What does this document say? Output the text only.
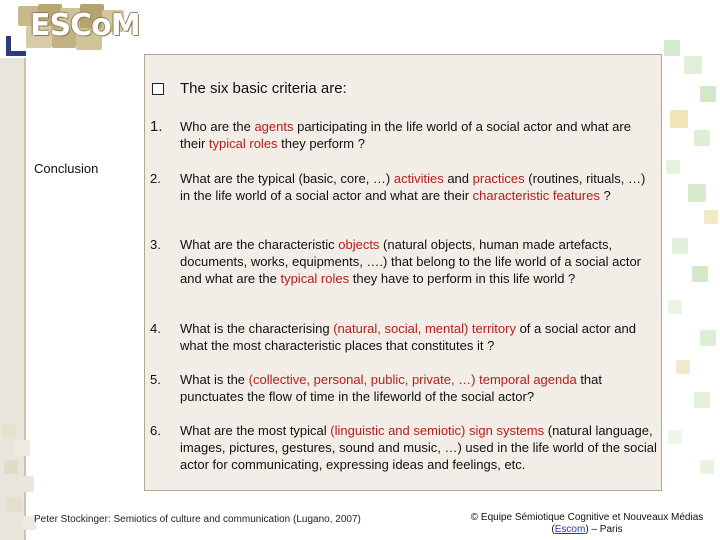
ESCoM
Conclusion
The six basic criteria are:
1. Who are the agents participating in the life world of a social actor and what are their typical roles they perform ?
2. What are the typical (basic, core, …) activities and practices (routines, rituals, …) in the life world of a social actor and what are their characteristic features ?
3. What are the characteristic objects (natural objects, human made artefacts, documents, works, equipments, ….) that belong to the life world of a social actor and what are the typical roles they have to perform in this life world ?
4. What is the characterising (natural, social, mental) territory of a social actor and what the most characteristic places that constitutes it ?
5. What is the (collective, personal, public, private, …) temporal agenda that punctuates the flow of time in the lifeworld of the social actor?
6. What are the most typical (linguistic and semiotic) sign systems (natural language, images, pictures, gestures, sound and music, …) used in the life world of the social actor for communicating, expressing ideas and feelings, etc.
Peter Stockinger: Semiotics of culture and communication (Lugano, 2007)	© Equipe Sémiotique Cognitive et Nouveaux Médias
(Escom) – Paris
